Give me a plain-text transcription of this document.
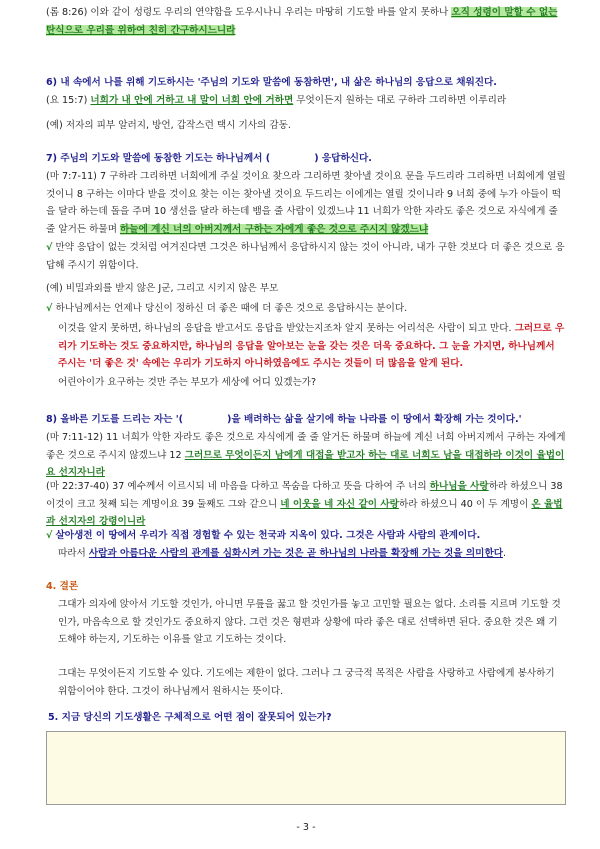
(롬 8:26) 이와 같이 성령도 우리의 연약함을 도우시나니 우리는 마땅히 기도할 바를 알지 못하나 오직 성령이 말할 수 없는 탄식으로 우리를 위하여 친히 간구하시느니라

6) 내 속에서 나를 위해 기도하시는 '주님의 기도와 말씀에 동참하면', 내 삶은 하나님의 응답으로 채워진다.

(요 15:7) 너희가 내 안에 거하고 내 말이 너희 안에 거하면 무엇이든지 원하는 대로 구하라 그리하면 이루리라

(예) 저자의 피부 알러지, 방언, 갑작스런 택시 기사의 감동.

7) 주님의 기도와 말씀에 동참한 기도는 하나님께서 (	) 응답하신다.

(마 7:7-11) 7 구하라 그리하면 너희에게 주실 것이요 찾으라 그리하면 찾아낼 것이요 문을 두드리라 그리하면 너희에게 열릴 것이니 8 구하는 이마다 받을 것이요 찾는 이는 찾아낼 것이요 두드리는 이에게는 열릴 것이니라 9 너희 중에 누가 아들이 떡을 달라 하는데 돌을 주며 10 생선을 달라 하는데 뱀을 줄 사람이 있겠느냐 11 너희가 악한 자라도 좋은 것으로 자식에게 줄 줄 알거든 하물며 하늘에 계신 너의 아버지께서 구하는 자에게 좋은 것으로 주시지 않겠느냐

√ 만약 응답이 없는 것처럼 여겨진다면 그것은 하나님께서 응답하시지 않는 것이 아니라, 내가 구한 것보다 더 좋은 것으로 응답해 주시기 위함이다.

(예) 비밀과외를 받지 않은 J군, 그리고 시키지 않은 부모

√ 하나님께서는 언제나 당신이 정하신 더 좋은 때에 더 좋은 것으로 응답하시는 분이다.

이것을 알지 못하면, 하나님의 응답을 받고서도 응답을 받았는지조차 알지 못하는 어리석은 사람이 되고 만다. 그러므로 우리가 기도하는 것도 중요하지만, 하나님의 응답을 알아보는 눈을 갖는 것은 더욱 중요하다. 그 눈을 가지면, 하나님께서 주시는 '더 좋은 것' 속에는 우리가 기도하지 아니하였음에도 주시는 것들이 더 많음을 알게 된다.

어린아이가 요구하는 것만 주는 부모가 세상에 어디 있겠는가?

8) 올바른 기도를 드리는 자는 '(	)을 배려하는 삶을 살기에 하늘 나라를 이 땅에서 확장해 가는 것이다.'

(마 7:11-12) 11 너희가 악한 자라도 좋은 것으로 자식에게 줄 줄 알거든 하물며 하늘에 계신 너희 아버지께서 구하는 자에게 좋은 것으로 주시지 않겠느냐 12 그러므로 무엇이든지 남에게 대접을 받고자 하는 대로 너희도 남을 대접하라 이것이 율법이요 선지자니라

(마 22:37-40) 37 예수께서 이르시되 네 마음을 다하고 목숨을 다하고 뜻을 다하여 주 너의 하나님을 사랑하라 하셨으니 38 이것이 크고 첫째 되는 계명이요 39 둘째도 그와 같으니 네 이웃을 네 자신 같이 사랑하라 하셨으니 40 이 두 계명이 온 율법과 선지자의 강령이니라

√ 살아생전 이 땅에서 우리가 직접 경험할 수 있는 천국과 지옥이 있다. 그것은 사람과 사람의 관계이다.

따라서 사람과 아름다운 사람의 관계를 심화시켜 가는 것은 곧 하나님의 나라를 확장해 가는 것을 의미한다.

4. 결론

그대가 의자에 앉아서 기도할 것인가, 아니면 무릎을 꿇고 할 것인가를 놓고 고민할 필요는 없다. 소리를 지르며 기도할 것인가, 마음속으로 할 것인가도 중요하지 않다. 그런 것은 형편과 상황에 따라 좋은 대로 선택하면 된다. 중요한 것은 왜 기도해야 하는지, 기도하는 이유를 알고 기도하는 것이다.

그대는 무엇이든지 기도할 수 있다. 기도에는 제한이 없다. 그러나 그 궁극적 목적은 사람을 사랑하고 사람에게 봉사하기 위함이어야 한다. 그것이 하나님께서 원하시는 뜻이다.

5. 지금 당신의 기도생활은 구체적으로 어떤 점이 잘못되어 있는가?

- 3 -
